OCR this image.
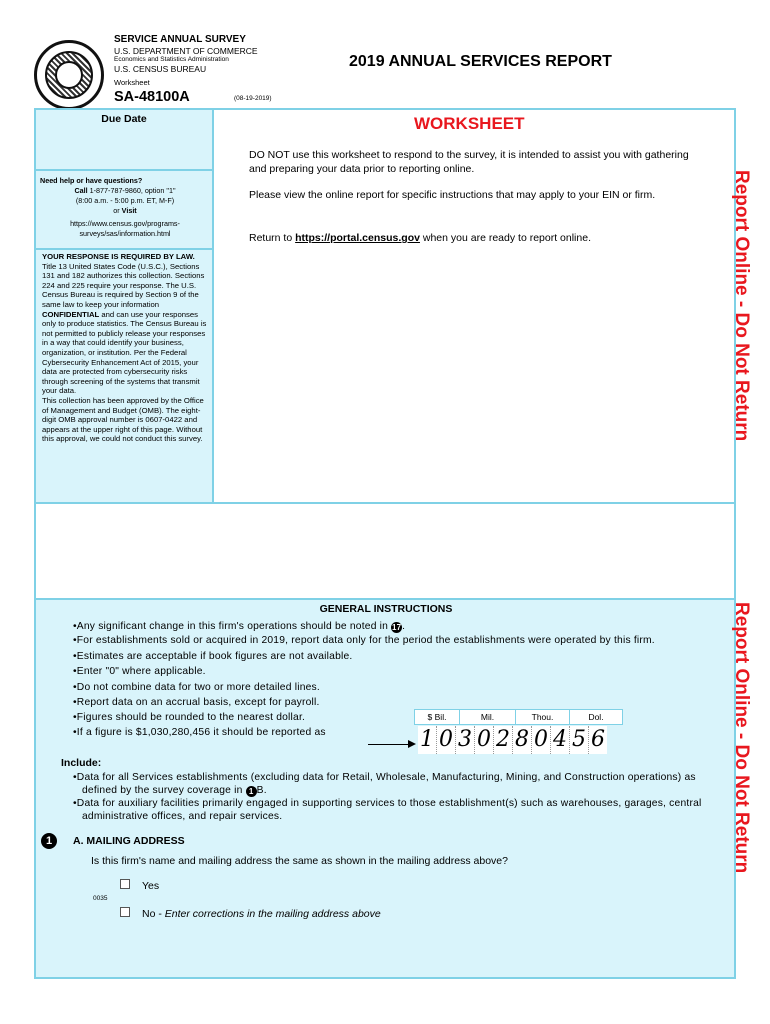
SERVICE ANNUAL SURVEY
U.S. DEPARTMENT OF COMMERCE
Economics and Statistics Administration
U.S. CENSUS BUREAU
Worksheet
SA-48100A	(08-19-2019)
2019 ANNUAL SERVICES REPORT
Due Date
Need help or have questions?
Call 1-877-787-9860, option "1"
(8:00 a.m. - 5:00 p.m. ET, M-F)
or Visit
https://www.census.gov/programs-
surveys/sas/information.html
YOUR RESPONSE IS REQUIRED BY LAW. Title 13 United States Code (U.S.C.), Sections 131 and 182 authorizes this collection. Sections 224 and 225 require your response. The U.S. Census Bureau is required by Section 9 of the same law to keep your information CONFIDENTIAL and can use your responses only to produce statistics. The Census Bureau is not permitted to publicly release your responses in a way that could identify your business, organization, or institution. Per the Federal Cybersecurity Enhancement Act of 2015, your data are protected from cybersecurity risks through screening of the systems that transmit your data.
This collection has been approved by the Office of Management and Budget (OMB). The eight-digit OMB approval number is 0607-0422 and appears at the upper right of this page. Without this approval, we could not conduct this survey.
WORKSHEET
DO NOT use this worksheet to respond to the survey, it is intended to assist you with gathering and preparing your data prior to reporting online.
Please view the online report for specific instructions that may apply to your EIN or firm.
Return to https://portal.census.gov when you are ready to report online.	Report Online - Do Not Return
Report Online - Do Not Return
GENERAL INSTRUCTIONS
•Any significant change in this firm's operations should be noted in 17.
•For establishments sold or acquired in 2019, report data only for the period the establishments were operated by this firm.
•Estimates are acceptable if book figures are not available.
•Enter "0" where applicable.
•Do not combine data for two or more detailed lines.
•Report data on an accrual basis, except for payroll.
•Figures should be rounded to the nearest dollar.
•If a figure is $1,030,280,456 it should be reported as
$ Bil.	Mil.	Thou.	Dol.
1 0 3 0 2 8 0 4 5 6
Include:
•Data for all Services establishments (excluding data for Retail, Wholesale, Manufacturing, Mining, and Construction operations) as defined by the survey coverage in 1 B.
•Data for auxiliary facilities primarily engaged in supporting services to those establishment(s) such as warehouses, garages, central administrative offices, and repair services.
1	A. MAILING ADDRESS
Is this firm's name and mailing address the same as shown in the mailing address above?
0035
Yes
No - Enter corrections in the mailing address above
